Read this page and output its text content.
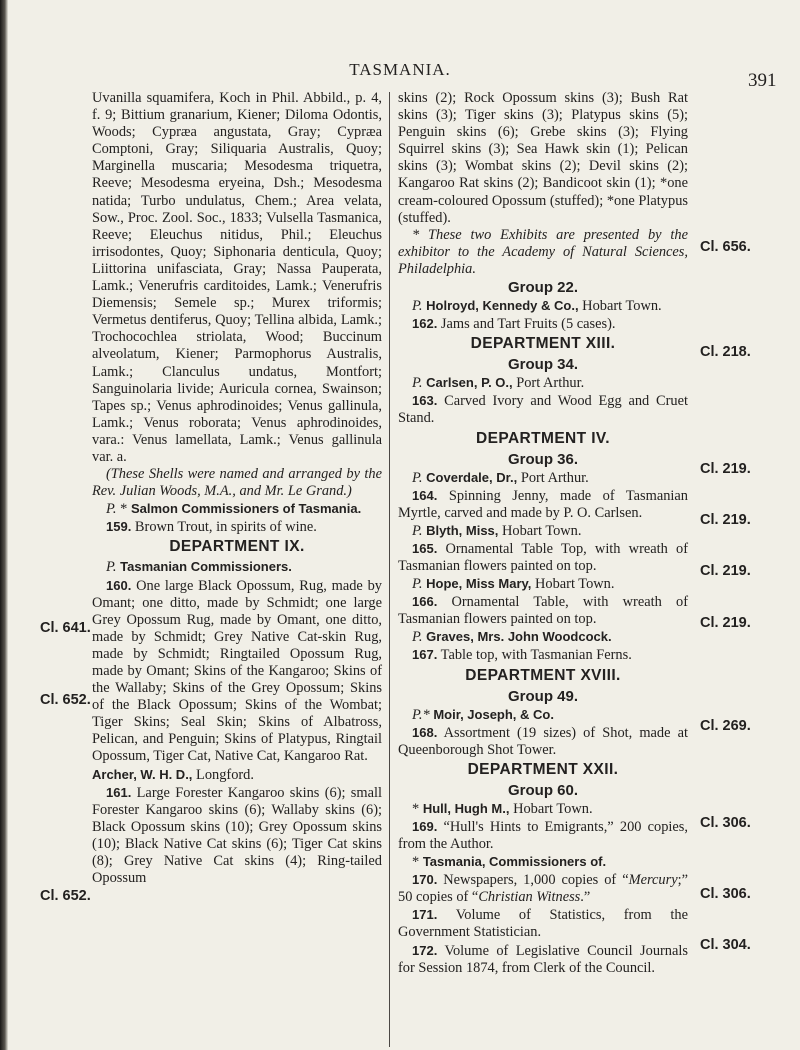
TASMANIA.
391
Cl. 641.
Cl. 652.
Cl. 652.
Cl. 656.
Cl. 218.
Cl. 219.
Cl. 219.
Cl. 219.
Cl. 219.
Cl. 269.
Cl. 306.
Cl. 306.
Cl. 304.

Uvanilla squamifera, Koch in Phil. Abbild., p. 4, f. 9; Bittium granarium, Kiener; Diloma Odontis, Woods; Cypræa angustata, Gray; Cypræa Comptoni, Gray; Siliquaria Australis, Quoy; Marginella muscaria; Mesodesma triquetra, Reeve; Mesodesma eryeina, Dsh.; Mesodesma natida; Turbo undulatus, Chem.; Area velata, Sow., Proc. Zool. Soc., 1833; Vulsella Tasmanica, Reeve; Eleuchus nitidus, Phil.; Eleuchus irrisodontes, Quoy; Siphonaria denticula, Quoy; Liittorina unifasciata, Gray; Nassa Pauperata, Lamk.; Venerufris carditoides, Lamk.; Venerufris Diemensis; Semele sp.; Murex triformis; Vermetus dentiferus, Quoy; Tellina albida, Lamk.; Trochocochlea striolata, Wood; Buccinum alveolatum, Kiener; Parmophorus Australis, Lamk.; Clanculus undatus, Montfort; Sanguinolaria livide; Auricula cornea, Swainson; Tapes sp.; Venus aphrodinoides; Venus gallinula, Lamk.; Venus roborata; Venus aphrodinoides, vara.: Venus lamellata, Lamk.; Venus gallinula var. a.

(These Shells were named and arranged by the Rev. Julian Woods, M.A., and Mr. Le Grand.)

P. * Salmon Commissioners of Tasmania.

159. Brown Trout, in spirits of wine.

DEPARTMENT IX.

P. Tasmanian Commissioners.

160. One large Black Opossum, Rug, made by Omant; one ditto, made by Schmidt; one large Grey Opossum Rug, made by Omant, one ditto, made by Schmidt; Grey Native Cat-skin Rug, made by Schmidt; Ringtailed Opossum Rug, made by Omant; Skins of the Kangaroo; Skins of the Wallaby; Skins of the Grey Opossum; Skins of the Black Opossum; Skins of the Wombat; Tiger Skins; Seal Skin; Skins of Albatross, Pelican, and Penguin; Skins of Platypus, Ringtail Opossum, Tiger Cat, Native Cat, Kangaroo Rat.

Archer, W. H. D., Longford.

161. Large Forester Kangaroo skins (6); small Forester Kangaroo skins (6); Wallaby skins (6); Black Opossum skins (10); Grey Opossum skins (10); Black Native Cat skins (6); Tiger Cat skins (8); Grey Native Cat skins (4); Ring-tailed Opossum

skins (2); Rock Opossum skins (3); Bush Rat skins (3); Tiger skins (3); Platypus skins (5); Penguin skins (6); Grebe skins (3); Flying Squirrel skins (3); Sea Hawk skin (1); Pelican skins (3); Wombat skins (2); Devil skins (2); Kangaroo Rat skins (2); Bandicoot skin (1); *one cream-coloured Opossum (stuffed); *one Platypus (stuffed).

* These two Exhibits are presented by the exhibitor to the Academy of Natural Sciences, Philadelphia.

Group 22.

P. Holroyd, Kennedy & Co., Hobart Town.

162. Jams and Tart Fruits (5 cases).

DEPARTMENT XIII.

Group 34.

P. Carlsen, P. O., Port Arthur.

163. Carved Ivory and Wood Egg and Cruet Stand.

DEPARTMENT IV.

Group 36.

P. Coverdale, Dr., Port Arthur.

164. Spinning Jenny, made of Tasmanian Myrtle, carved and made by P. O. Carlsen.

P. Blyth, Miss, Hobart Town.

165. Ornamental Table Top, with wreath of Tasmanian flowers painted on top.

P. Hope, Miss Mary, Hobart Town.

166. Ornamental Table, with wreath of Tasmanian flowers painted on top.

P. Graves, Mrs. John Woodcock.

167. Table top, with Tasmanian Ferns.

DEPARTMENT XVIII.

Group 49.

P.* Moir, Joseph, & Co.

168. Assortment (19 sizes) of Shot, made at Queenborough Shot Tower.

DEPARTMENT XXII.

Group 60.

* Hull, Hugh M., Hobart Town.

169. “Hull's Hints to Emigrants,” 200 copies, from the Author.

* Tasmania, Commissioners of.

170. Newspapers, 1,000 copies of “Mercury;” 50 copies of “Christian Witness.”

171. Volume of Statistics, from the Government Statistician.

172. Volume of Legislative Council Journals for Session 1874, from Clerk of the Council.
